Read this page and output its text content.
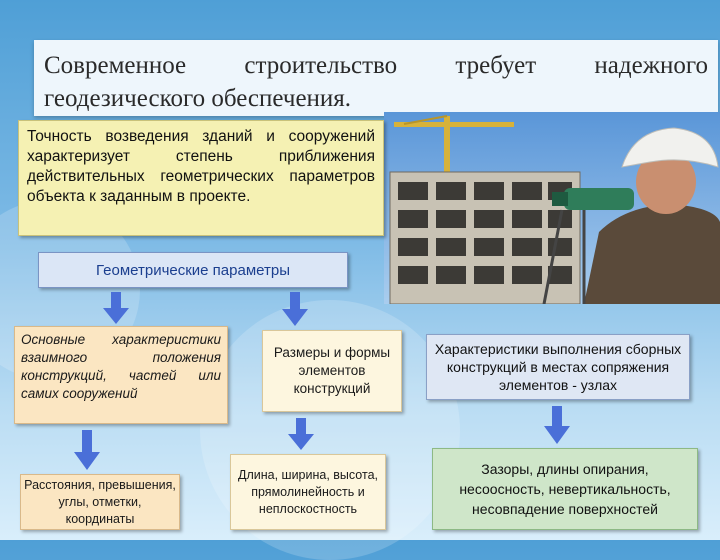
Современное строительство требует надежного геодезического обеспечения.
Точность возведения зданий и сооружений характеризует степень приближения действительных геометрических параметров объекта к заданным в проекте.
Геометрические параметры
Основные характеристики взаимного положения конструкций, частей или самих сооружений
Размеры и формы элементов конструкций
Характеристики выполнения сборных конструкций в местах сопряжения элементов - узлах
Расстояния, превышения, углы, отметки, координаты
Длина, ширина, высота, прямолинейность и неплоскостность
Зазоры, длины опирания, несоосность, невертикальность, несовпадение поверхностей
